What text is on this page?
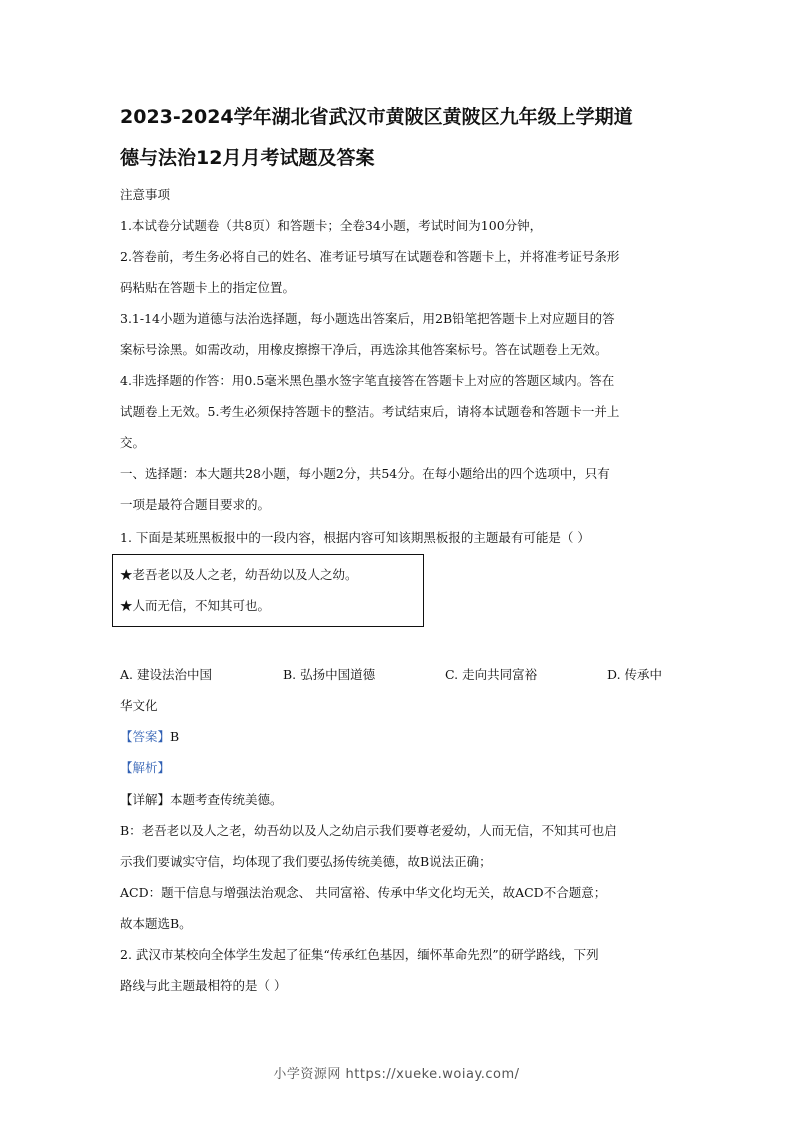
2023-2024学年湖北省武汉市黄陂区黄陂区九年级上学期道
德与法治12月月考试题及答案
注意事项
1.本试卷分试题卷（共8页）和答题卡；全卷34小题，考试时间为100分钟，
2.答卷前，考生务必将自己的姓名、准考证号填写在试题卷和答题卡上，并将准考证号条形
码粘贴在答题卡上的指定位置。
3.1-14小题为道德与法治选择题，每小题选出答案后，用2B铅笔把答题卡上对应题目的答
案标号涂黑。如需改动，用橡皮擦擦干净后，再选涂其他答案标号。答在试题卷上无效。
4.非选择题的作答：用0.5毫米黑色墨水签字笔直接答在答题卡上对应的答题区域内。答在
试题卷上无效。5.考生必须保持答题卡的整洁。考试结束后，请将本试题卷和答题卡一并上
交。
一、选择题：本大题共28小题，每小题2分，共54分。在每小题给出的四个选项中，只有
一项是最符合题目要求的。
1. 下面是某班黑板报中的一段内容，根据内容可知该期黑板报的主题最有可能是（ ）
★老吾老以及人之老，幼吾幼以及人之幼。
★人而无信，不知其可也。
A. 建设法治中国	B. 弘扬中国道德	C. 走向共同富裕	D. 传承中
华文化
【答案】B
【解析】
【详解】本题考查传统美德。
B：老吾老以及人之老，幼吾幼以及人之幼启示我们要尊老爱幼，人而无信，不知其可也启
示我们要诚实守信，均体现了我们要弘扬传统美德，故B说法正确；
ACD：题干信息与增强法治观念、 共同富裕、传承中华文化均无关，故ACD不合题意；
故本题选B。
2. 武汉市某校向全体学生发起了征集“传承红色基因，缅怀革命先烈”的研学路线，下列
路线与此主题最相符的是（ ）
小学资源网 https://xueke.woiay.com/
